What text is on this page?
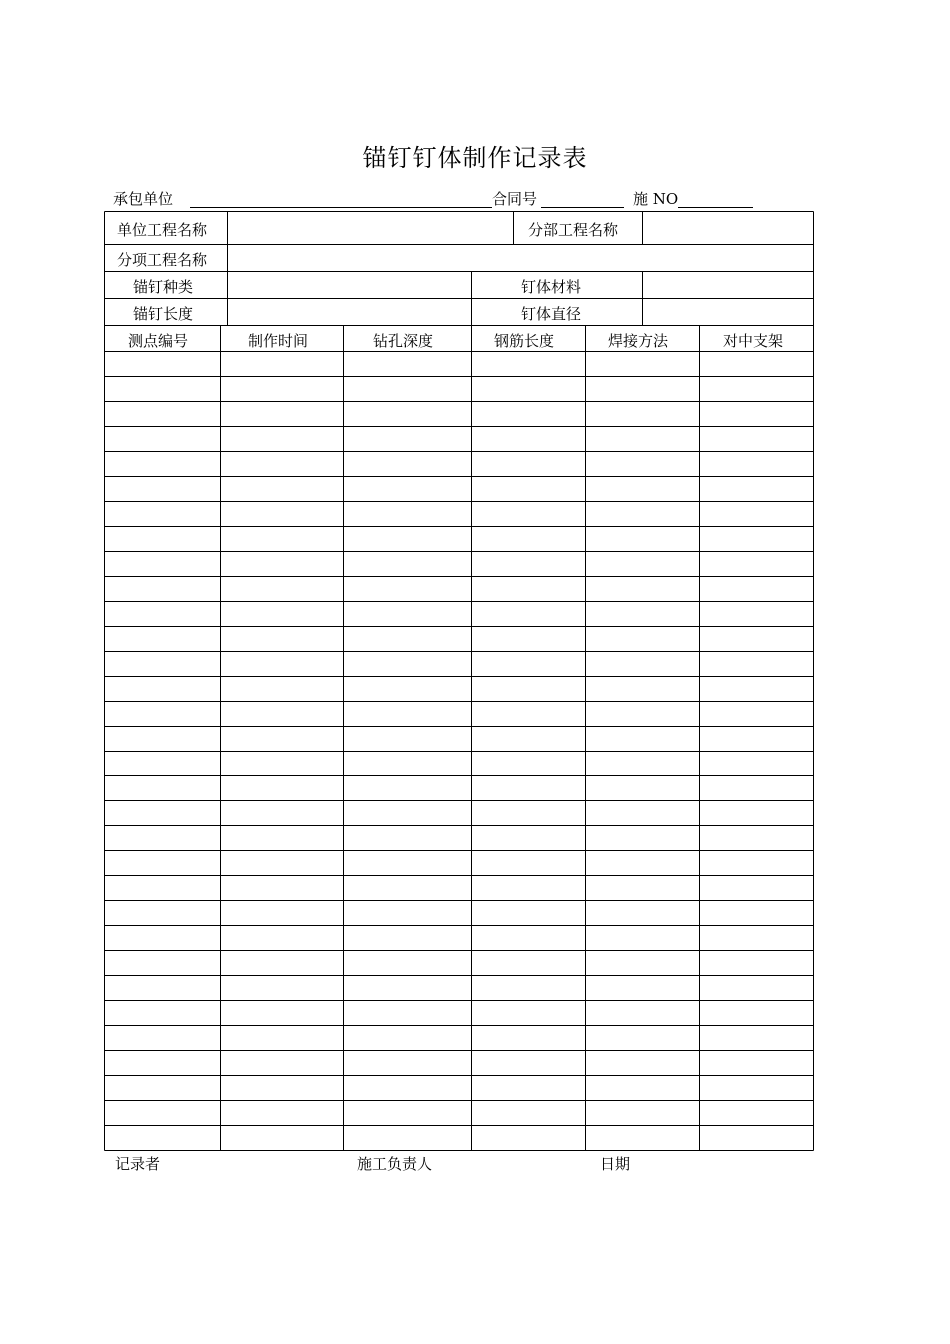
锚钉钉体制作记录表
承包单位	合同号	施 NO
单位工程名称	分部工程名称
分项工程名称
锚钉种类	钉体材料
锚钉长度	钉体直径
测点编号	制作时间	钻孔深度	钢筋长度	焊接方法	对中支架
记录者	施工负责人	日期
